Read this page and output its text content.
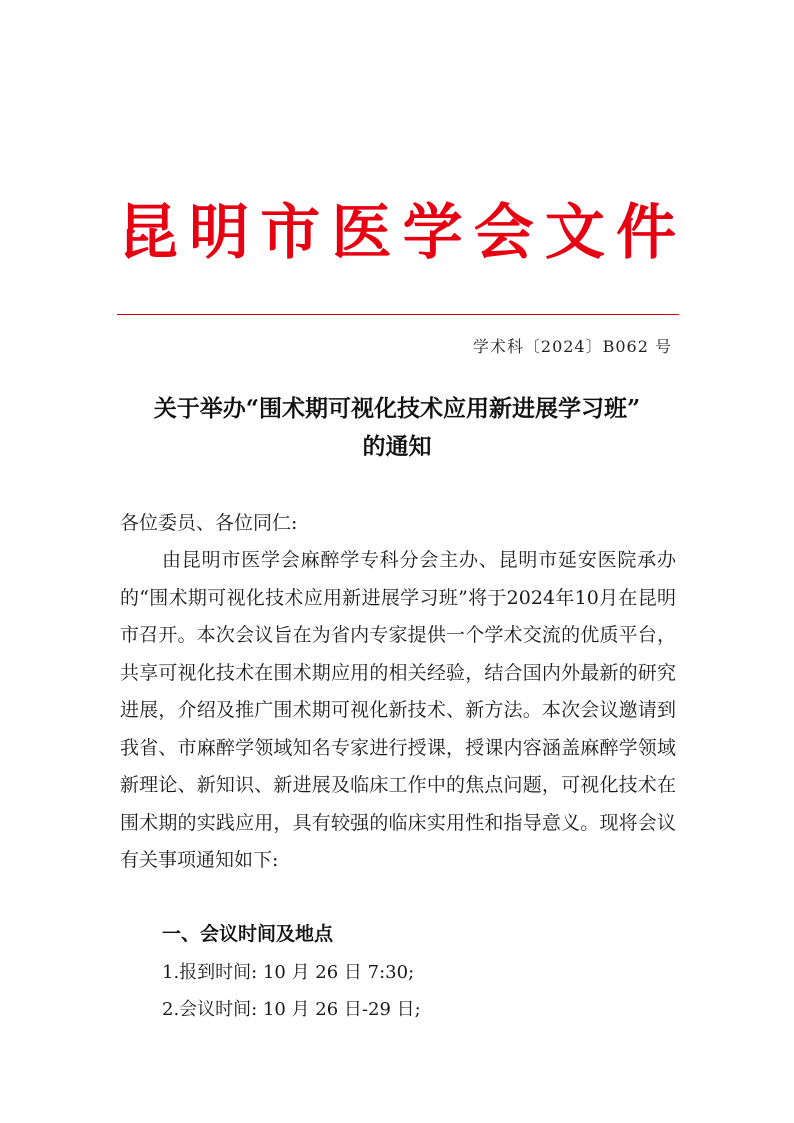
昆明市医学会文件
学术科〔2024〕B062 号
关于举办“围术期可视化技术应用新进展学习班”
的通知
各位委员、各位同仁:
由昆明市医学会麻醉学专科分会主办、昆明市延安医院承办的“围术期可视化技术应用新进展学习班”将于2024年10月在昆明市召开。本次会议旨在为省内专家提供一个学术交流的优质平台，共享可视化技术在围术期应用的相关经验，结合国内外最新的研究进展，介绍及推广围术期可视化新技术、新方法。本次会议邀请到我省、市麻醉学领域知名专家进行授课，授课内容涵盖麻醉学领域新理论、新知识、新进展及临床工作中的焦点问题，可视化技术在围术期的实践应用，具有较强的临床实用性和指导意义。现将会议有关事项通知如下:
一、会议时间及地点
1.报到时间: 10 月 26 日 7:30;
2.会议时间: 10 月 26 日-29 日;
